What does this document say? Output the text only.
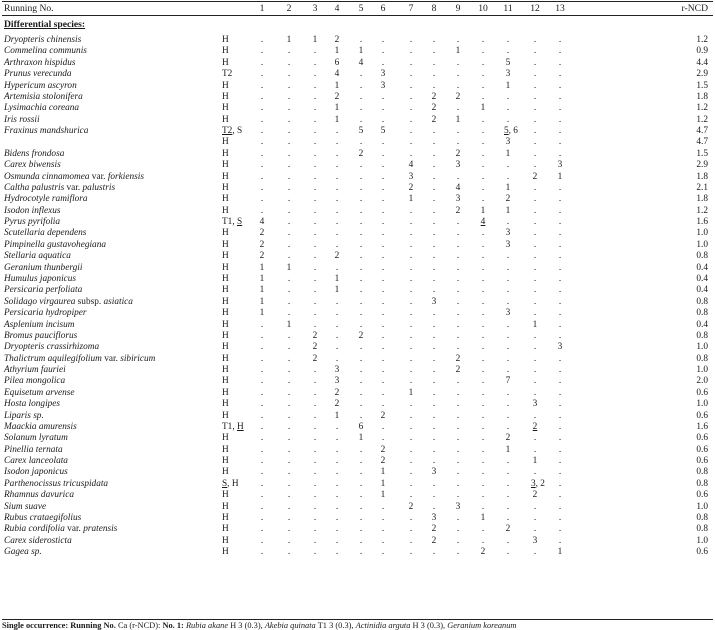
Running No.	1	2	3	4	5	6	7	8	9	10 11 12 13	r-NCD
Differential species:
Dryopteris chinensis	H	.	1	1	2	.	.	.	.	.	.	.	.	.	1.2
Commelina communis	H	.	.	.	1	1	.	.	.	1	.	.	.	.	0.9
Arthraxon hispidus	H	.	.	.	6	4	.	.	.	.	.	5	.	.	4.4
Prunus verecunda	T2	.	.	.	4	.	3	.	.	.	.	3	.	.	2.9
Hypericum ascyron	H	.	.	.	1	.	3	.	.	.	.	1	.	.	1.5
Artemisia stolonifera	H	.	.	.	2	.	.	.	2	2	.	.	.	.	1.8
Lysimachia coreana	H	.	.	.	1	.	.	.	2	.	1	.	.	.	1.2
Iris rossii	H	.	.	.	1	.	.	.	2	1	.	.	.	.	1.2
Fraxinus mandshurica	T2, S	.	.	.	.	5	5	.	.	.	.	5, 6	.	.	4.7
H	.	.	.	.	.	.	.	.	.	.	3	.	.	4.7
Bidens frondosa	H	.	.	.	.	2	.	.	.	2	.	1	.	.	1.5
Carex biwensis	H	.	.	.	.	.	.	4	.	3	.	.	.	3	2.9
Osmunda cinnamomea var. forkiensis	H	.	.	.	.	.	.	3	.	.	.	.	2	1	1.8
Caltha palustris var. palustris	H	.	.	.	.	.	.	2	.	4	.	1	.	.	2.1
Hydrocotyle ramiflora	H	.	.	.	.	.	.	1	.	3	.	2	.	.	1.8
Isodon inflexus	H	.	.	.	.	.	.	.	.	2	1	1	.	.	1.2
Pyrus pyrifolia	T1, S	4	.	.	.	.	.	.	.	.	4	.	.	.	1.6
Scutellaria dependens	H	2	.	.	.	.	.	.	.	.	.	3	.	.	1.0
Pimpinella gustavohegiana	H	2	.	.	.	.	.	.	.	.	.	3	.	.	1.0
Stellaria aquatica	H	2	.	.	2	.	.	.	.	.	.	.	.	.	0.8
Geranium thunbergii	H	1	1	.	.	.	.	.	.	.	.	.	.	.	0.4
Humulus japonicus	H	1	.	.	1	.	.	.	.	.	.	.	.	.	0.4
Persicaria perfoliata	H	1	.	.	1	.	.	.	.	.	.	.	.	.	0.4
Solidago virgaurea subsp. asiatica	H	1	.	.	.	.	.	.	3	.	.	.	.	.	0.8
Persicaria hydropiper	H	1	.	.	.	.	.	.	.	.	.	3	.	.	0.8
Asplenium incisum	H	.	1	.	.	.	.	.	.	.	.	.	1	.	0.4
Bromus pauciflorus	H	.	.	2	.	2	.	.	.	.	.	.	.	.	0.8
Dryopteris crassirhizoma	H	.	.	2	.	.	.	.	.	.	.	.	.	3	1.0
Thalictrum aquilegifolium var. sibiricum	H	.	.	2	.	.	.	.	.	2	.	.	.	.	0.8
Athyrium fauriei	H	.	.	.	3	.	.	.	.	2	.	.	.	.	1.0
Pilea mongolica	H	.	.	.	3	.	.	.	.	.	.	7	.	.	2.0
Equisetum arvense	H	.	.	.	2	.	.	1	.	.	.	.	.	.	0.6
Hosta longipes	H	.	.	.	2	.	.	.	.	.	.	.	3	.	1.0
Liparis sp.	H	.	.	.	1	.	2	.	.	.	.	.	.	.	0.6
Maackia amurensis	T1, H	.	.	.	.	6	.	.	.	.	.	.	2	.	1.6
Solanum lyratum	H	.	.	.	.	1	.	.	.	.	.	2	.	.	0.6
Pinellia ternata	H	.	.	.	.	.	2	.	.	.	.	1	.	.	0.6
Carex lanceolata	H	.	.	.	.	.	2	.	.	.	.	.	1	.	0.6
Isodon japonicus	H	.	.	.	.	.	1	.	3	.	.	.	.	.	0.8
Parthenocissus tricuspidata	S, H	.	.	.	.	.	1	.	.	.	.	.	3, 2	.	0.8
Rhamnus davurica	H	.	.	.	.	.	1	.	.	.	.	.	2	.	0.6
Sium suave	H	.	.	.	.	.	.	2	.	3	.	.	.	.	1.0
Rubus crataegifolius	H	.	.	.	.	.	.	.	3	.	1	.	.	.	0.8
Rubia cordifolia var. pratensis	H	.	.	.	.	.	.	.	2	.	.	2	.	.	0.8
Carex siderosticta	H	.	.	.	.	.	.	.	2	.	.	.	3	.	1.0
Gagea sp.	H	.	.	.	.	.	.	.	.	.	2	.	.	1	0.6
Single occurrence: Running No. Ca (r-NCD): No. 1: Rubia akane H 3 (0.3), Akebia quinata T1 3 (0.3), Actinidia arguta H 3 (0.3), Geranium koreanum
